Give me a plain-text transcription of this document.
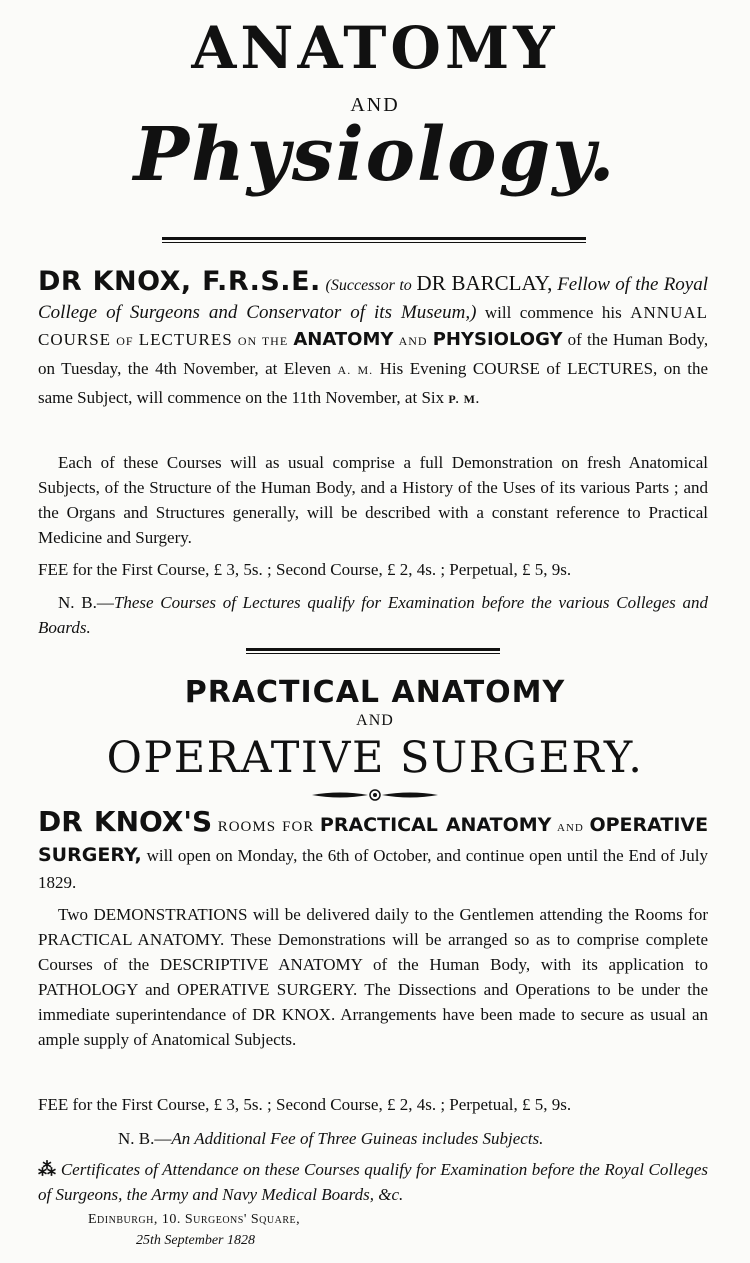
ANATOMY
AND
Physiology.
DR KNOX, F.R.S.E. (Successor to DR BARCLAY, Fellow of the Royal College of Surgeons and Conservator of its Museum,) will commence his ANNUAL COURSE OF LECTURES ON THE ANATOMY AND PHYSIOLOGY of the Human Body, on Tuesday, the 4th November, at Eleven A. M. His Evening COURSE of LECTURES, on the same Subject, will commence on the 11th November, at Six P. M.
Each of these Courses will as usual comprise a full Demonstration on fresh Anatomical Subjects, of the Structure of the Human Body, and a History of the Uses of its various Parts ; and the Organs and Structures generally, will be described with a constant reference to Practical Medicine and Surgery.
FEE for the First Course, £ 3, 5s. ; Second Course, £ 2, 4s. ; Perpetual, £ 5, 9s.
N. B.—These Courses of Lectures qualify for Examination before the various Colleges and Boards.
PRACTICAL ANATOMY
AND
OPERATIVE SURGERY.
DR KNOX'S ROOMS FOR PRACTICAL ANATOMY AND OPERATIVE SURGERY, will open on Monday, the 6th of October, and continue open until the End of July 1829.
Two DEMONSTRATIONS will be delivered daily to the Gentlemen attending the Rooms for PRACTICAL ANATOMY. These Demonstrations will be arranged so as to comprise complete Courses of the DESCRIPTIVE ANATOMY of the Human Body, with its application to PATHOLOGY and OPERATIVE SURGERY. The Dissections and Operations to be under the immediate superintendance of DR KNOX. Arrangements have been made to secure as usual an ample supply of Anatomical Subjects.
FEE for the First Course, £ 3, 5s. ; Second Course, £ 2, 4s. ; Perpetual, £ 5, 9s.
N. B.—An Additional Fee of Three Guineas includes Subjects.
⁂ Certificates of Attendance on these Courses qualify for Examination before the Royal Colleges of Surgeons, the Army and Navy Medical Boards, &c.
Edinburgh, 10. Surgeons' Square,
25th September 1828
